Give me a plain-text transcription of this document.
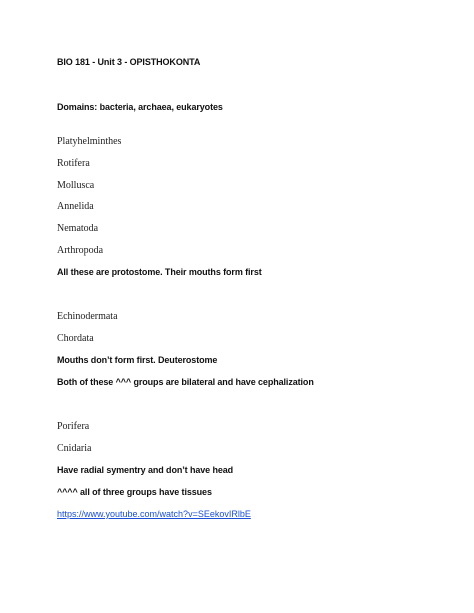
BIO 181 - Unit 3 - OPISTHOKONTA
Domains: bacteria, archaea, eukaryotes
Platyhelminthes
Rotifera
Mollusca
Annelida
Nematoda
Arthropoda
All these are protostome. Their mouths form first
Echinodermata
Chordata
Mouths don’t form first. Deuterostome
Both of these ^^^ groups are bilateral and have cephalization
Porifera
Cnidaria
Have radial symentry and don’t have head
^^^^ all of three groups have tissues
https://www.youtube.com/watch?v=SEekovIRlbE
